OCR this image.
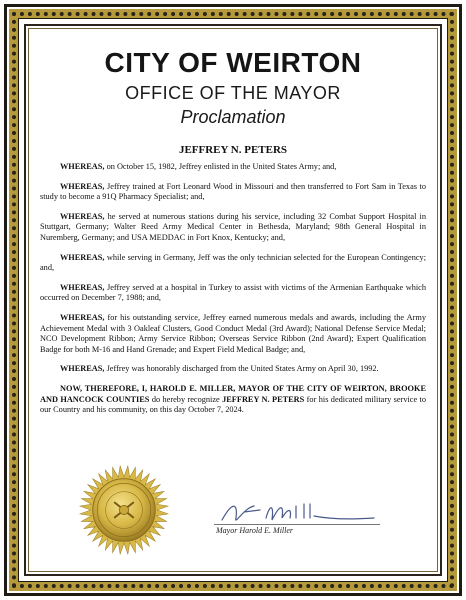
CITY OF WEIRTON
OFFICE OF THE MAYOR
Proclamation
JEFFREY N. PETERS

WHEREAS, on October 15, 1982, Jeffrey enlisted in the United States Army; and,

WHEREAS, Jeffrey trained at Fort Leonard Wood in Missouri and then transferred to Fort Sam in Texas to study to become a 91Q Pharmacy Specialist; and,

WHEREAS, he served at numerous stations during his service, including 32 Combat Support Hospital in Stuttgart, Germany; Walter Reed Army Medical Center in Bethesda, Maryland; 98th General Hospital in Nuremberg, Germany; and USA MEDDAC in Fort Knox, Kentucky; and,

WHEREAS, while serving in Germany, Jeff was the only technician selected for the European Contingency; and,

WHEREAS, Jeffrey served at a hospital in Turkey to assist with victims of the Armenian Earthquake which occurred on December 7, 1988; and,

WHEREAS, for his outstanding service, Jeffrey earned numerous medals and awards, including the Army Achievement Medal with 3 Oakleaf Clusters, Good Conduct Medal (3rd Award); National Defense Service Medal; NCO Development Ribbon; Army Service Ribbon; Overseas Service Ribbon (2nd Award); Expert Qualification Badge for both M-16 and Hand Grenade; and Expert Field Medical Badge; and,

WHEREAS, Jeffrey was honorably discharged from the United States Army on April 30, 1992.

NOW, THEREFORE, I, HAROLD E. MILLER, MAYOR OF THE CITY OF WEIRTON, BROOKE AND HANCOCK COUNTIES do hereby recognize JEFFREY N. PETERS for his dedicated military service to our Country and his community, on this day October 7, 2024.

Mayor Harold E. Miller
